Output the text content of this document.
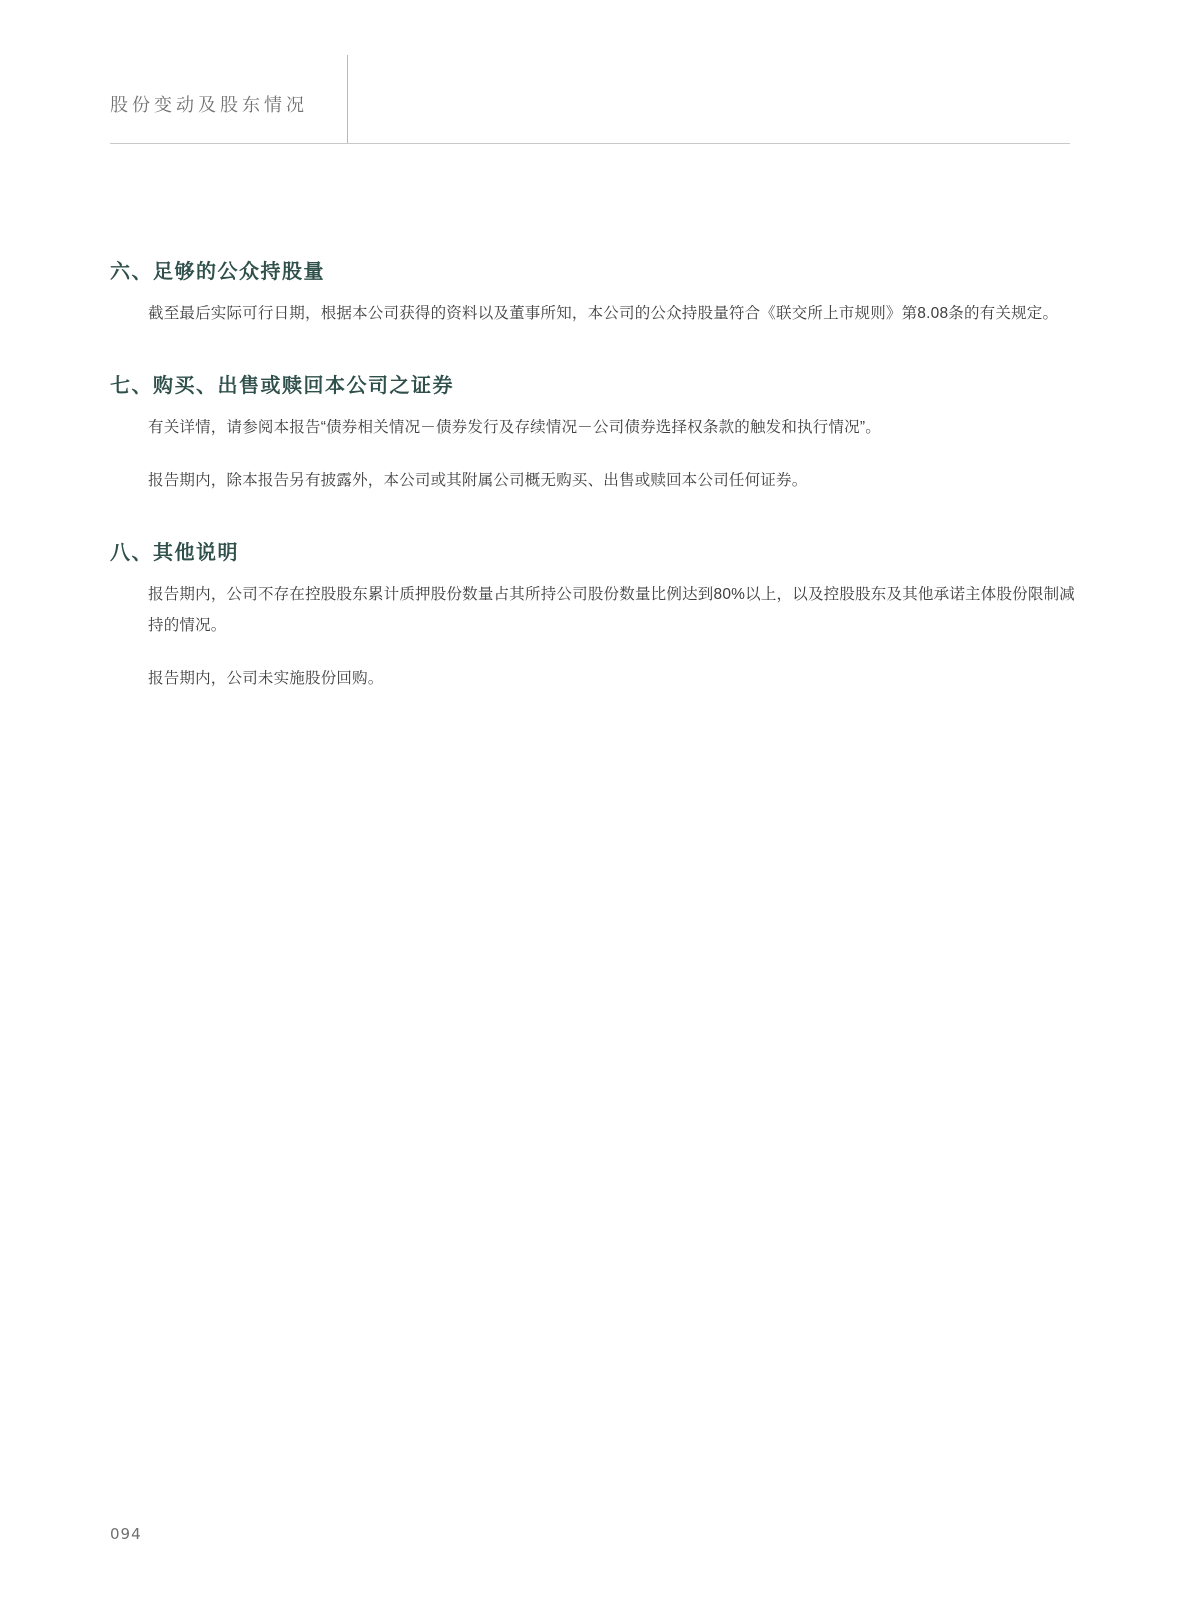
股份变动及股东情况
六、足够的公众持股量

截至最后实际可行日期，根据本公司获得的资料以及董事所知，本公司的公众持股量符合《联交所上市规则》第8.08条的有关规定。

七、购买、出售或赎回本公司之证券

有关详情，请参阅本报告“债券相关情况－债券发行及存续情况－公司债券选择权条款的触发和执行情况”。

报告期内，除本报告另有披露外，本公司或其附属公司概无购买、出售或赎回本公司任何证券。

八、其他说明

报告期内，公司不存在控股股东累计质押股份数量占其所持公司股份数量比例达到80%以上，以及控股股东及其他承诺主体股份限制减持的情况。

报告期内，公司未实施股份回购。

094
